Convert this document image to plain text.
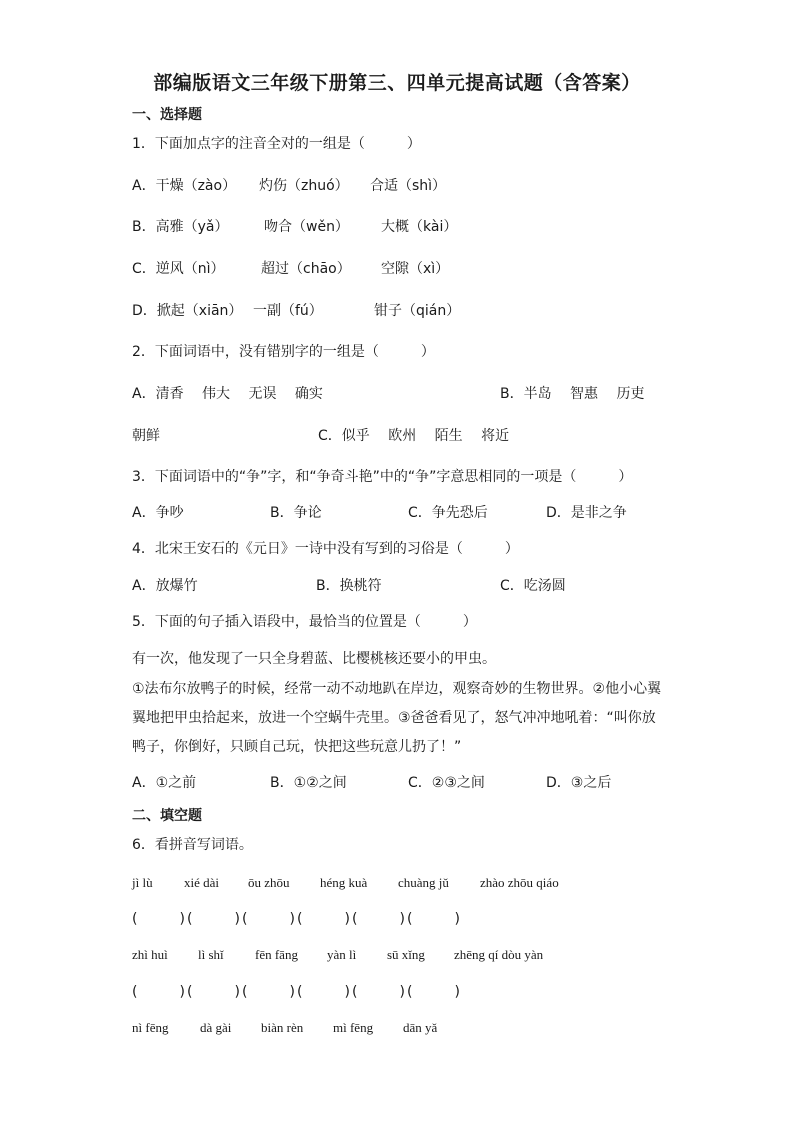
部编版语文三年级下册第三、四单元提高试题（含答案）
一、选择题
1．下面加点字的注音全对的一组是（　　　）
A．干燥（zào） 灼伤（zhuó） 合适（shì）
B．高雅（yǎ）	吻合（wěn） 大概（kài）
C．逆风（nì）	超过（chāo） 空隙（xì）
D．掀起（xiān） 一副（fú）	钳子（qián）
2．下面词语中，没有错别字的一组是（　　　）
A．清香　 伟大　 无误　 确实	B．半岛　 智惠　 历吏
朝鲜	C．似乎　 欧州　 陌生　 将近
3．下面词语中的“争”字，和“争奇斗艳”中的“争”字意思相同的一项是（　　　）
A．争吵	B．争论	C．争先恐后	D．是非之争
4．北宋王安石的《元日》一诗中没有写到的习俗是（　　　）
A．放爆竹	B．换桃符	C．吃汤圆
5．下面的句子插入语段中，最恰当的位置是（　　　）
有一次，他发现了一只全身碧蓝、比樱桃核还要小的甲虫。
①法布尔放鸭子的时候，经常一动不动地趴在岸边，观察奇妙的生物世界。②他小心翼翼地把甲虫拾起来，放进一个空蜗牛壳里。③爸爸看见了，怒气冲冲地吼着：“叫你放鸭子，你倒好，只顾自己玩，快把这些玩意儿扔了！”
A．①之前	B．①②之间	C．②③之间	D．③之后
二、填空题
6．看拼音写词语。
jì lù xié dài ōu zhōu héng kuà chuàng jǔ zhào zhōu qiáo
(　　　) (　　　) (　　　) (　　　) (　　　) (　　　)
zhì huì lì shǐ fēn fāng yàn lì sū xǐng zhēng qí dòu yàn
(　　　) (　　　) (　　　) (　　　) (　　　) (　　　)
nì fēng dà gài biàn rèn mì fēng dān yǎ
